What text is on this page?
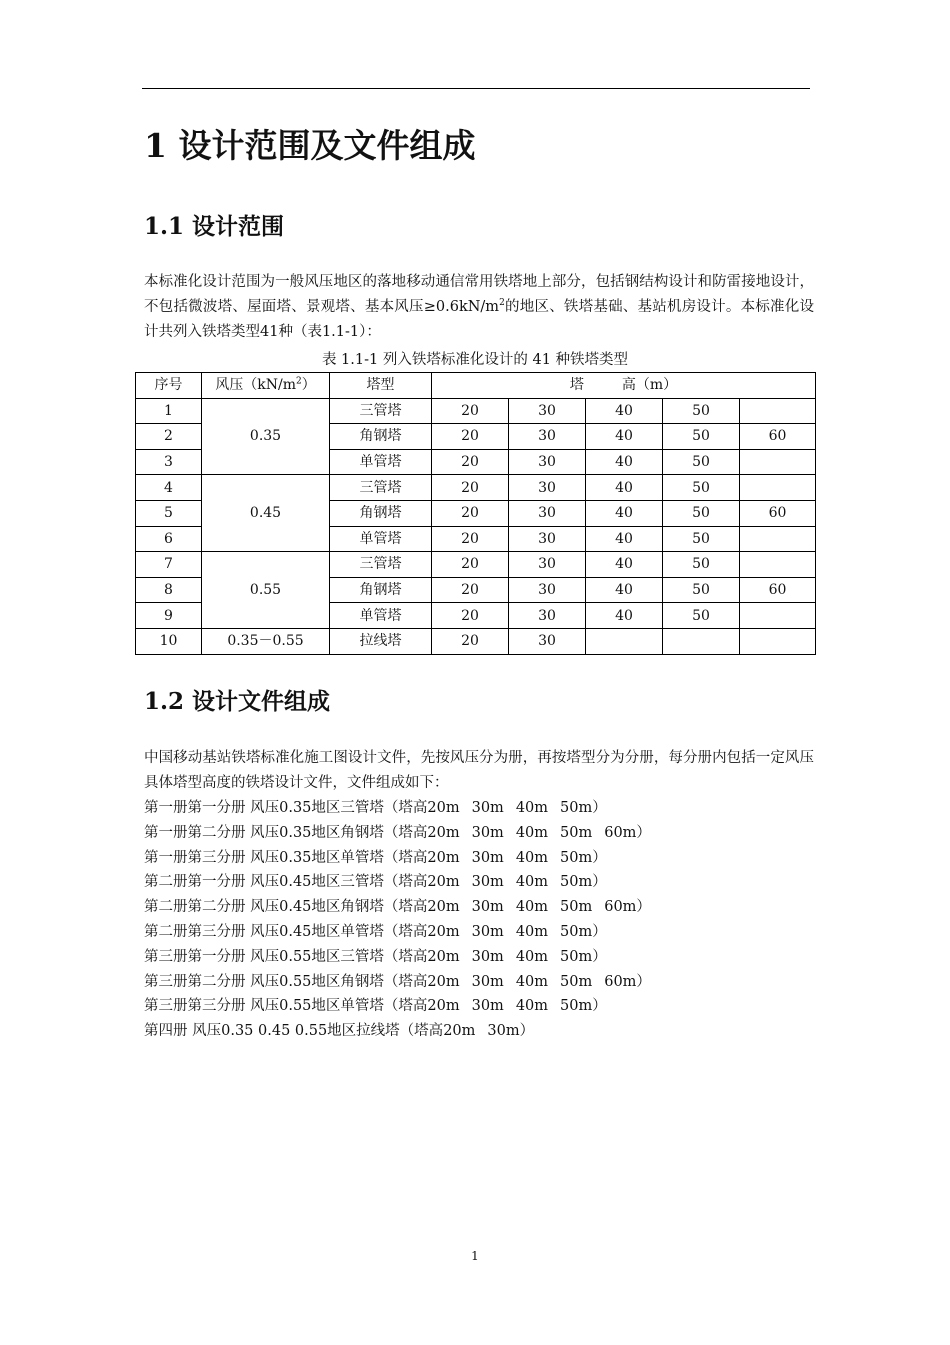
1 设计范围及文件组成
1.1 设计范围
本标准化设计范围为一般风压地区的落地移动通信常用铁塔地上部分，包括钢结构设计和防雷接地设计，不包括微波塔、屋面塔、景观塔、基本风压$\ge 0.6kN/m^2$的地区、铁塔基础、基站机房设计。本标准化设计共列入铁塔类型41种（表1.1-1）：
表 1.1-1 列入铁塔标准化设计的 41 种铁塔类型
序号	风压$(kN/m^2)$	塔型	塔 高（m）				
1	0.35	三管塔	20	30	40	50	
2		角钢塔	20	30	40	50	60
3		单管塔	20	30	40	50	
4	0.45	三管塔	20	30	40	50	
5		角钢塔	20	30	40	50	60
6		单管塔	20	30	40	50	
7	0.55	三管塔	20	30	40	50	
8		角钢塔	20	30	40	50	60
9		单管塔	20	30	40	50	
10	0.35－0.55	拉线塔	20	30			
1.2 设计文件组成
中国移动基站铁塔标准化施工图设计文件，先按风压分为册，再按塔型分为分册，每分册内包括一定风压具体塔型高度的铁塔设计文件，文件组成如下：
第一册第一分册 风压0.35地区三管塔（塔高20m 30m 40m 50m）
第一册第二分册 风压0.35地区角钢塔（塔高20m 30m 40m 50m 60m）
第一册第三分册 风压0.35地区单管塔（塔高20m 30m 40m 50m）
第二册第一分册 风压0.45地区三管塔（塔高20m 30m 40m 50m）
第二册第二分册 风压0.45地区角钢塔（塔高20m 30m 40m 50m 60m）
第二册第三分册 风压0.45地区单管塔（塔高20m 30m 40m 50m）
第三册第一分册 风压0.55地区三管塔（塔高20m 30m 40m 50m）
第三册第二分册 风压0.55地区角钢塔（塔高20m 30m 40m 50m 60m）
第三册第三分册 风压0.55地区单管塔（塔高20m 30m 40m 50m）
第四册 风压0.35 0.45 0.55地区拉线塔（塔高20m 30m）
1
